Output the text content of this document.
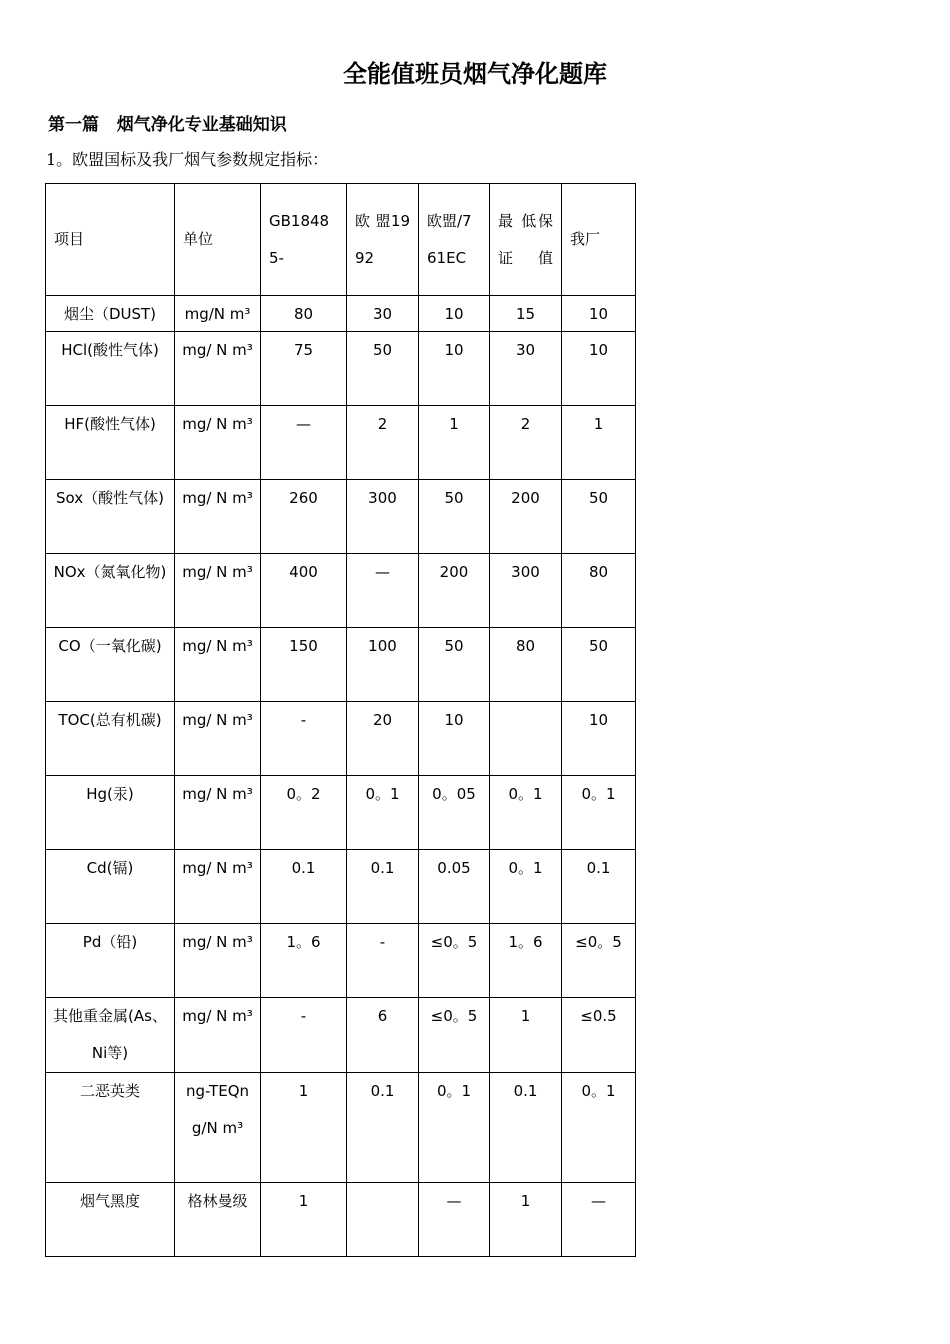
全能值班员烟气净化题库
第一篇   烟气净化专业基础知识

1。欧盟国标及我厂烟气参数规定指标：

项目	单位	GB18485-	欧 盟1992	欧盟/761EC	最 低保 证值	我厂
烟尘（DUST)	mg/N m³	80	30	10	15	10
HCl(酸性气体)	mg/ N m³	75	50	10	30	10
HF(酸性气体)	mg/ N m³	—	2	1	2	1
Sox（酸性气体)	mg/ N m³	260	300	50	200	50
NOx（氮氧化物)	mg/ N m³	400	—	200	300	80
CO（一氧化碳)	mg/ N m³	150	100	50	80	50
TOC(总有机碳)	mg/ N m³	-	20	10		10
Hg(汞)	mg/ N m³	0。2	0。1	0。05	0。1	0。1
Cd(镉)	mg/ N m³	0.1	0.1	0.05	0。1	0.1
Pd（铅)	mg/ N m³	1。6	-	≤0。5	1。6	≤0。5
其他重金属(As、Ni等)	mg/ N m³	-	6	≤0。5	1	≤0.5
二恶英类	ng-TEQng/N m³	1	0.1	0。1	0.1	0。1
烟气黑度	格林曼级	1		—	1	—
